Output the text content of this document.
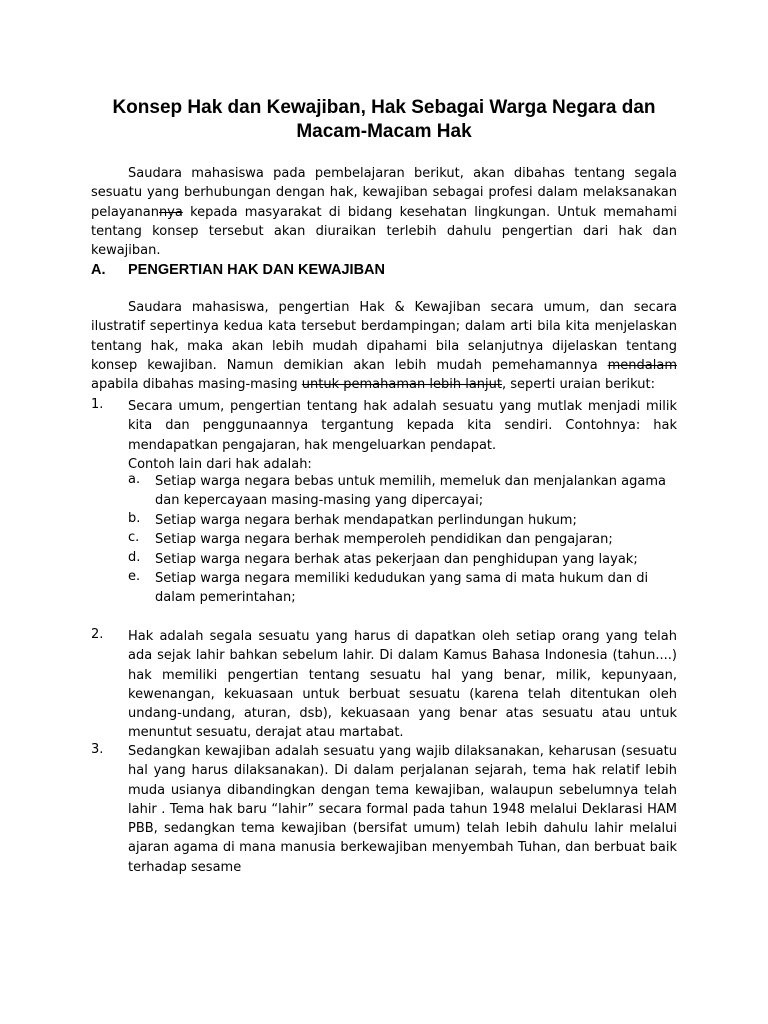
Konsep Hak dan Kewajiban, Hak Sebagai Warga Negara dan Macam-Macam Hak

Saudara mahasiswa pada pembelajaran berikut, akan dibahas tentang segala sesuatu yang berhubungan dengan hak, kewajiban sebagai profesi dalam melaksanakan pelayanannya kepada masyarakat di bidang kesehatan lingkungan. Untuk memahami tentang konsep tersebut akan diuraikan terlebih dahulu pengertian dari hak dan kewajiban.

A. PENGERTIAN HAK DAN KEWAJIBAN

Saudara mahasiswa, pengertian Hak & Kewajiban secara umum, dan secara ilustratif sepertinya kedua kata tersebut berdampingan; dalam arti bila kita menjelaskan tentang hak, maka akan lebih mudah dipahami bila selanjutnya dijelaskan tentang konsep kewajiban. Namun demikian akan lebih mudah pemehamannya mendalam apabila dibahas masing-masing untuk pemahaman lebih lanjut, seperti uraian berikut:

1. Secara umum, pengertian tentang hak adalah sesuatu yang mutlak menjadi milik kita dan penggunaannya tergantung kepada kita sendiri. Contohnya: hak mendapatkan pengajaran, hak mengeluarkan pendapat.
Contoh lain dari hak adalah:
a. Setiap warga negara bebas untuk memilih, memeluk dan menjalankan agama dan kepercayaan masing-masing yang dipercayai;
b. Setiap warga negara berhak mendapatkan perlindungan hukum;
c. Setiap warga negara berhak memperoleh pendidikan dan pengajaran;
d. Setiap warga negara berhak atas pekerjaan dan penghidupan yang layak;
e. Setiap warga negara memiliki kedudukan yang sama di mata hukum dan di dalam pemerintahan;
2. Hak adalah segala sesuatu yang harus di dapatkan oleh setiap orang yang telah ada sejak lahir bahkan sebelum lahir. Di dalam Kamus Bahasa Indonesia (tahun....) hak memiliki pengertian tentang sesuatu hal yang benar, milik, kepunyaan, kewenangan, kekuasaan untuk berbuat sesuatu (karena telah ditentukan oleh undang-undang, aturan, dsb), kekuasaan yang benar atas sesuatu atau untuk menuntut sesuatu, derajat atau martabat.
3. Sedangkan kewajiban adalah sesuatu yang wajib dilaksanakan, keharusan (sesuatu hal yang harus dilaksanakan). Di dalam perjalanan sejarah, tema hak relatif lebih muda usianya dibandingkan dengan tema kewajiban, walaupun sebelumnya telah lahir . Tema hak baru “lahir” secara formal pada tahun 1948 melalui Deklarasi HAM PBB, sedangkan tema kewajiban (bersifat umum) telah lebih dahulu lahir melalui ajaran agama di mana manusia berkewajiban menyembah Tuhan, dan berbuat baik terhadap sesame
